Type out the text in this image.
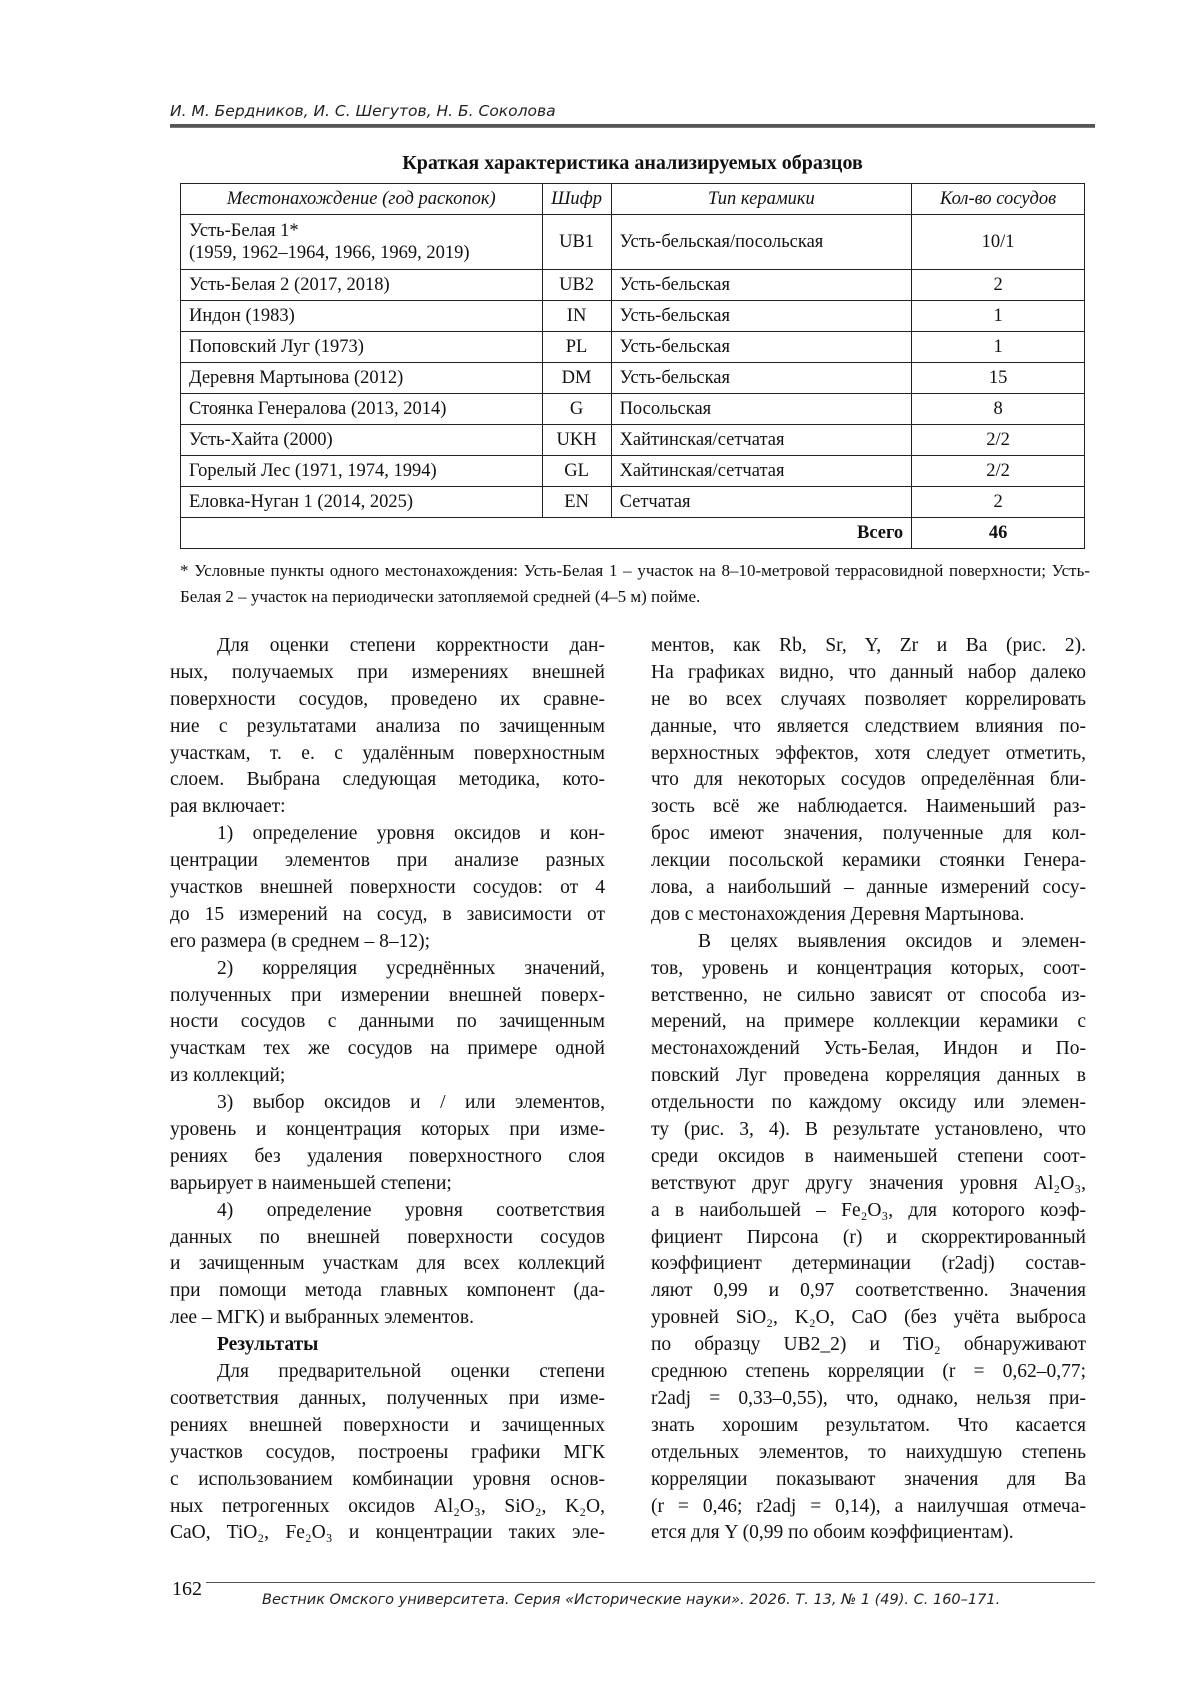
И. М. Бердников, И. С. Шегутов, Н. Б. Соколова
Краткая характеристика анализируемых образцов
Местонахождение (год раскопок)	Шифр	Тип керамики	Кол-во сосудов

Усть-Белая 1*
(1959, 1962–1964, 1966, 1969, 2019)	UB1	Усть-бельская/посольская	10/1
Усть-Белая 2 (2017, 2018)	UB2	Усть-бельская	2
Индон (1983)	IN	Усть-бельская	1
Поповский Луг (1973)	PL	Усть-бельская	1
Деревня Мартынова (2012)	DM	Усть-бельская	15
Стоянка Генералова (2013, 2014)	G	Посольская	8
Усть-Хайта (2000)	UKH	Хайтинская/сетчатая	2/2
Горелый Лес (1971, 1974, 1994)	GL	Хайтинская/сетчатая	2/2
Еловка-Нуган 1 (2014, 2025)	EN	Сетчатая	2
Всего			46
* Условные пункты одного местонахождения: Усть-Белая 1 – участок на 8–10-метровой террасовидной поверхности; Усть-Белая 2 – участок на периодически затопляемой средней (4–5 м) пойме.
Для оценки степени корректности дан-
ных, получаемых при измерениях внешней
поверхности сосудов, проведено их сравне-
ние с результатами анализа по зачищенным
участкам, т. е. с удалённым поверхностным
слоем. Выбрана следующая методика, кото-
рая включает:
1) определение уровня оксидов и кон-
центрации элементов при анализе разных
участков внешней поверхности сосудов: от 4
до 15 измерений на сосуд, в зависимости от
его размера (в среднем – 8–12);
2) корреляция усреднённых значений,
полученных при измерении внешней поверх-
ности сосудов с данными по зачищенным
участкам тех же сосудов на примере одной
из коллекций;
3) выбор оксидов и / или элементов,
уровень и концентрация которых при изме-
рениях без удаления поверхностного слоя
варьирует в наименьшей степени;
4) определение уровня соответствия
данных по внешней поверхности сосудов
и зачищенным участкам для всех коллекций
при помощи метода главных компонент (да-
лее – МГК) и выбранных элементов.
Результаты
Для предварительной оценки степени
соответствия данных, полученных при изме-
рениях внешней поверхности и зачищенных
участков сосудов, построены графики МГК
с использованием комбинации уровня основ-
ных петрогенных оксидов Al₂O₃, SiO₂, K₂O,
CaO, TiO₂, Fe₂O₃ и концентрации таких эле-
ментов, как Rb, Sr, Y, Zr и Ba (рис. 2).
На графиках видно, что данный набор далеко
не во всех случаях позволяет коррелировать
данные, что является следствием влияния по-
верхностных эффектов, хотя следует отметить,
что для некоторых сосудов определённая бли-
зость всё же наблюдается. Наименьший раз-
брос имеют значения, полученные для кол-
лекции посольской керамики стоянки Генера-
лова, а наибольший – данные измерений сосу-
дов с местонахождения Деревня Мартынова.
В целях выявления оксидов и элемен-
тов, уровень и концентрация которых, соот-
ветственно, не сильно зависят от способа из-
мерений, на примере коллекции керамики с
местонахождений Усть-Белая, Индон и По-
повский Луг проведена корреляция данных в
отдельности по каждому оксиду или элемен-
ту (рис. 3, 4). В результате установлено, что
среди оксидов в наименьшей степени соот-
ветствуют друг другу значения уровня Al₂O₃,
а в наибольшей – Fe₂O₃, для которого коэф-
фициент Пирсона (r) и скорректированный
коэффициент детерминации (r2adj) состав-
ляют 0,99 и 0,97 соответственно. Значения
уровней SiO₂, K₂O, CaO (без учёта выброса
по образцу UB2_2) и TiO₂ обнаруживают
среднюю степень корреляции (r = 0,62–0,77;
r2adj = 0,33–0,55), что, однако, нельзя при-
знать хорошим результатом. Что касается
отдельных элементов, то наихудшую степень
корреляции показывают значения для Ba
(r = 0,46; r2adj = 0,14), а наилучшая отмеча-
ется для Y (0,99 по обоим коэффициентам).
162	Вестник Омского университета. Серия «Исторические науки». 2026. Т. 13, № 1 (49). С. 160–171.
